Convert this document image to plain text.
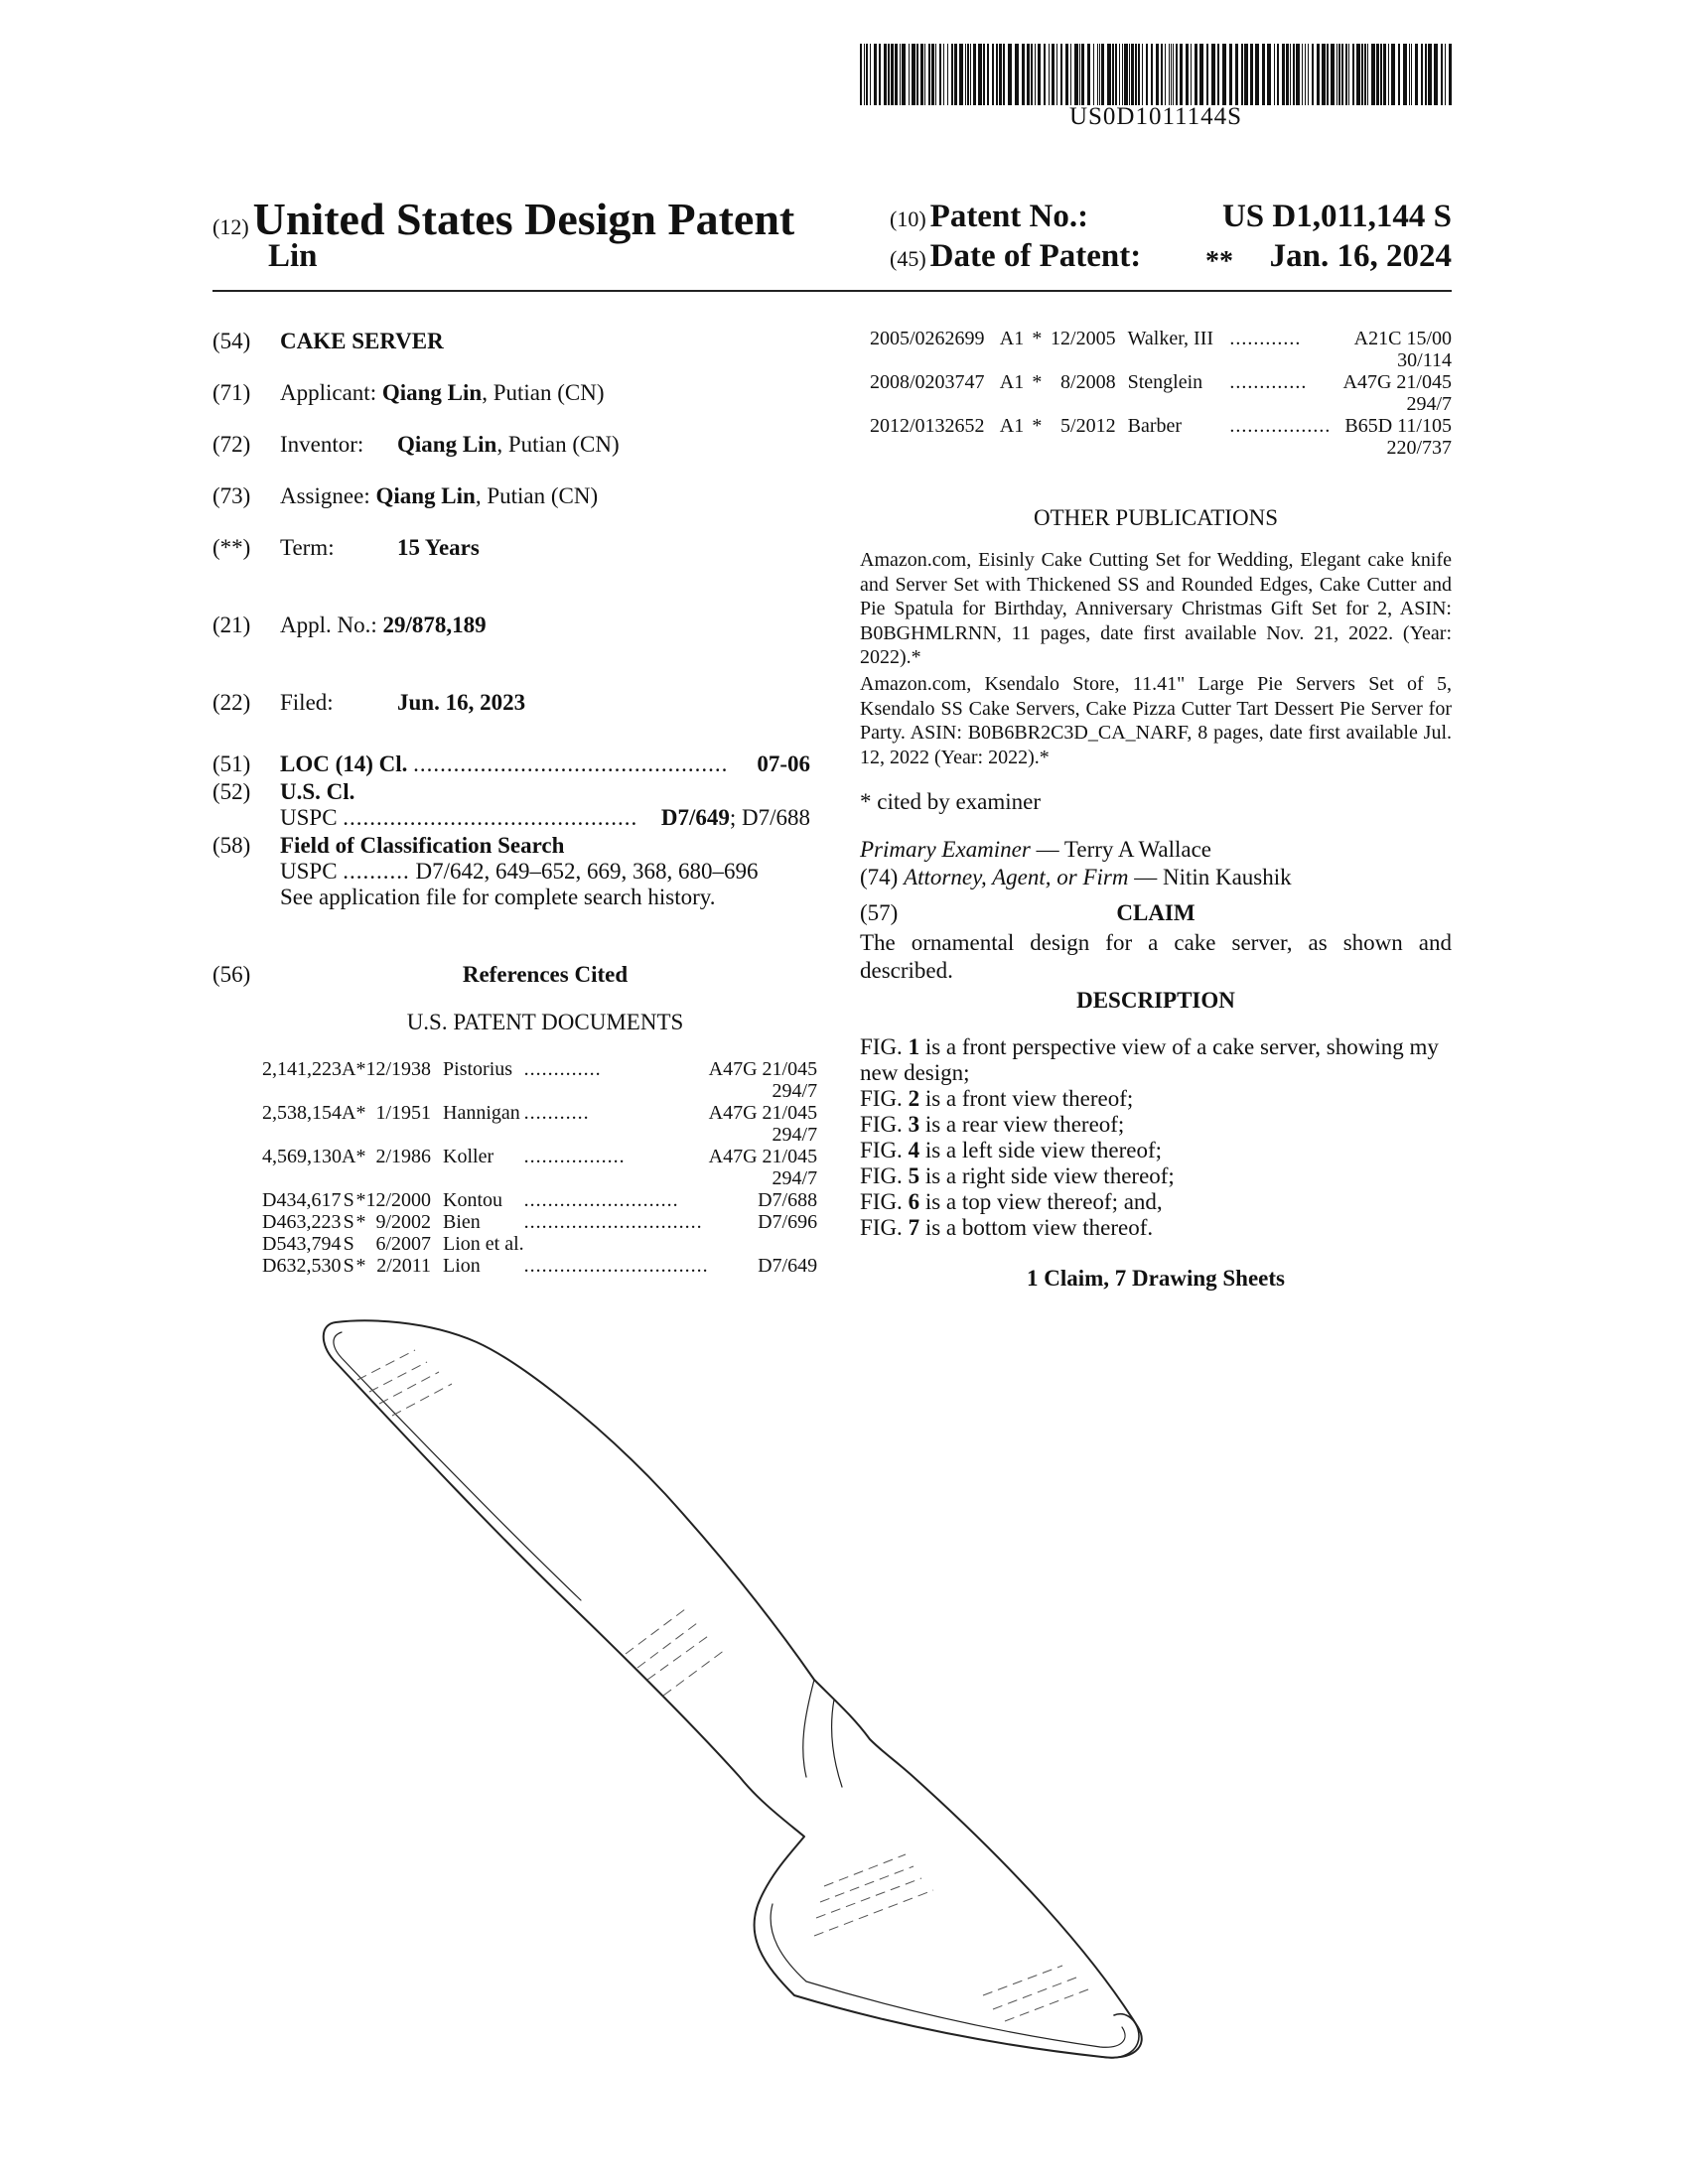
US0D1011144S
(12) United States Design Patent
Lin
(10) Patent No.:	US D1,011,144 S
(45) Date of Patent: ** Jan. 16, 2024
(54) CAKE SERVER
(71) Applicant: Qiang Lin, Putian (CN)
(72) Inventor: Qiang Lin, Putian (CN)
(73) Assignee: Qiang Lin, Putian (CN)
(**) Term:	15 Years
(21) Appl. No.: 29/878,189
(22) Filed:	Jun. 16, 2023
(51) LOC (14) Cl. ............................................... 07-06
(52) U.S. Cl.
USPC ............................................ D7/649; D7/688
(58) Field of Classification Search
USPC .......... D7/642, 649–652, 669, 368, 680–696
See application file for complete search history.
(56)	References Cited
U.S. PATENT DOCUMENTS
2,141,223	A	*	12/1938	Pistorius	.............	A47G 21/045
294/7						
2,538,154	A	*	1/1951	Hannigan	...........	A47G 21/045
294/7						
4,569,130	A	*	2/1986	Koller	.................	A47G 21/045
294/7						
D434,617	S	*	12/2000	Kontou	..........................	D7/688
D463,223	S	*	9/2002	Bien	..............................	D7/696
D543,794	S		6/2007	Lion et al.		
D632,530	S	*	2/2011	Lion	...............................	D7/649
2005/0262699	A1	*	12/2005	Walker, III	............	A21C 15/00
30/114						
2008/0203747	A1	*	8/2008	Stenglein	.............	A47G 21/045
294/7						
2012/0132652	A1	*	5/2012	Barber	.................	B65D 11/105
220/737						
OTHER PUBLICATIONS
Amazon.com, Eisinly Cake Cutting Set for Wedding, Elegant cake knife and Server Set with Thickened SS and Rounded Edges, Cake Cutter and Pie Spatula for Birthday, Anniversary Christmas Gift Set for 2, ASIN: B0BGHMLRNN, 11 pages, date first available Nov. 21, 2022. (Year: 2022).*
Amazon.com, Ksendalo Store, 11.41" Large Pie Servers Set of 5, Ksendalo SS Cake Servers, Cake Pizza Cutter Tart Dessert Pie Server for Party. ASIN: B0B6BR2C3D_CA_NARF, 8 pages, date first available Jul. 12, 2022 (Year: 2022).*
* cited by examiner
Primary Examiner — Terry A Wallace
(74) Attorney, Agent, or Firm — Nitin Kaushik
(57)	CLAIM
The ornamental design for a cake server, as shown and described.
DESCRIPTION
FIG. 1 is a front perspective view of a cake server, showing my new design;
FIG. 2 is a front view thereof;
FIG. 3 is a rear view thereof;
FIG. 4 is a left side view thereof;
FIG. 5 is a right side view thereof;
FIG. 6 is a top view thereof; and,
FIG. 7 is a bottom view thereof.
1 Claim, 7 Drawing Sheets
